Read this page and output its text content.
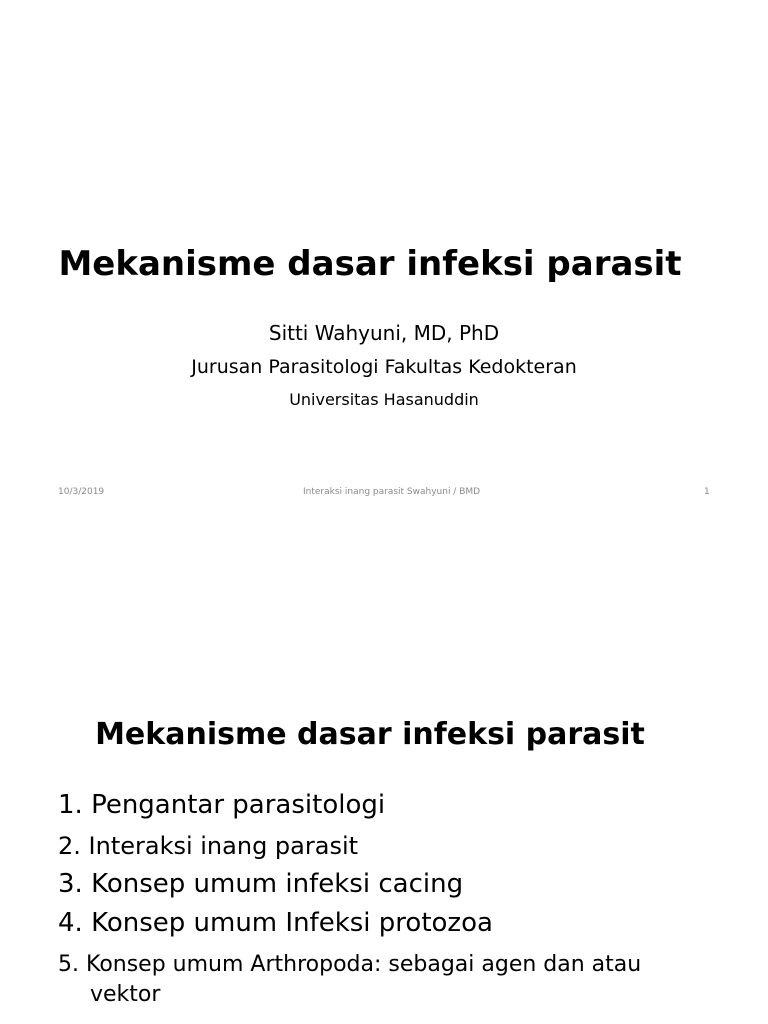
Mekanisme dasar infeksi parasit
Sitti Wahyuni, MD, PhD
Jurusan Parasitologi Fakultas Kedokteran
Universitas Hasanuddin
10/3/2019	Interaksi inang parasit Swahyuni / BMD	1
Mekanisme dasar infeksi parasit
1. Pengantar parasitologi
2. Interaksi inang parasit
3. Konsep umum infeksi cacing
4. Konsep umum Infeksi protozoa
5. Konsep umum Arthropoda: sebagai agen dan atau
vektor
